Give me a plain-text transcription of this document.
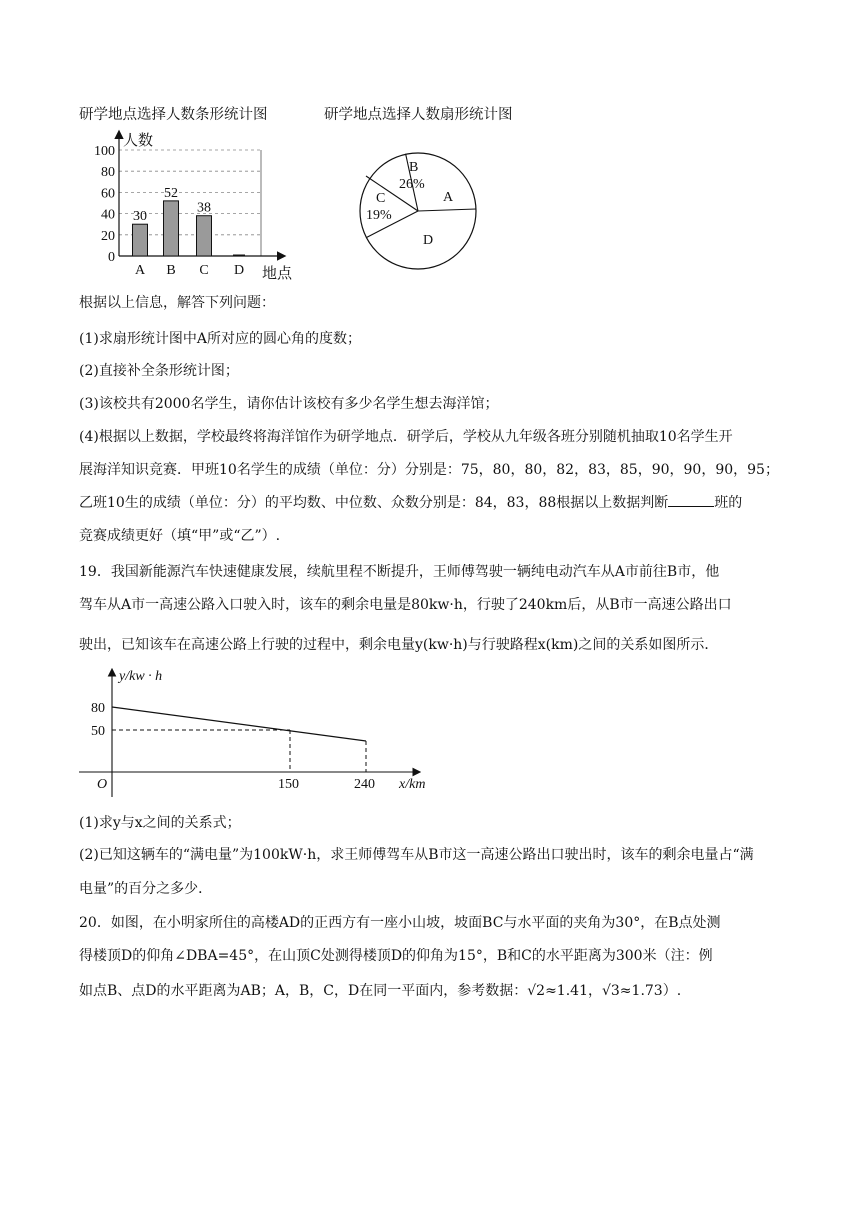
研学地点选择人数条形统计图	研学地点选择人数扇形统计图
人数
地点
0
20
40
60
80
100
30
52
38
A B C D
B
26%
C
19%
A
D
根据以上信息，解答下列问题：
(1)求扇形统计图中A所对应的圆心角的度数；
(2)直接补全条形统计图；
(3)该校共有2000名学生，请你估计该校有多少名学生想去海洋馆；
(4)根据以上数据，学校最终将海洋馆作为研学地点．研学后，学校从九年级各班分别随机抽取10名学生开
展海洋知识竞赛．甲班10名学生的成绩（单位：分）分别是：75，80，80，82，83，85，90，90，90，95；
乙班10生的成绩（单位：分）的平均数、中位数、众数分别是：84，83，88根据以上数据判断	班的
竞赛成绩更好（填“甲”或“乙”）.
19．我国新能源汽车快速健康发展，续航里程不断提升，王师傅驾驶一辆纯电动汽车从A市前往B市，他
驾车从A市一高速公路入口驶入时，该车的剩余电量是80kw·h，行驶了240km后，从B市一高速公路出口
驶出，已知该车在高速公路上行驶的过程中，剩余电量y(kw·h)与行驶路程x(km)之间的关系如图所示．
y/kw · h
x/km
O
80
50
150	240
(1)求y与x之间的关系式；
(2)已知这辆车的“满电量”为100kW·h，求王师傅驾车从B市这一高速公路出口驶出时，该车的剩余电量占“满
电量”的百分之多少．
20．如图，在小明家所住的高楼AD的正西方有一座小山坡，坡面BC与水平面的夹角为30°，在B点处测
得楼顶D的仰角∠DBA=45°，在山顶C处测得楼顶D的仰角为15°，B和C的水平距离为300米（注：例
如点B、点D的水平距离为AB；A，B，C，D在同一平面内，参考数据：√2≈1.41，√3≈1.73）.
